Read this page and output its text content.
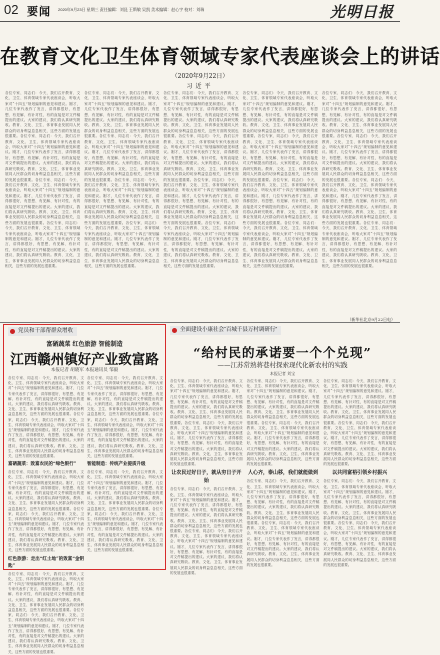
02 要闻 2020年9月23日 星期三 责任编辑：刘昆 王斯敏 吴凯 美术编辑：赵心宇 校对：刘瑞	光明日报
在教育文化卫生体育领域专家代表座谈会上的讲话
（2020年9月22日）
习近平
各位专家、同志们：今天，我们召开教育、文化、卫生、体育领域专家代表座谈会，听取大家对“十四五”规划编制的意见和建议。刚才，几位专家代表作了发言，讲得都很好，有思想、有见解、有针对性，有的直接是对文件稿提出的建议。大家的建议，我们将认真研究吸收。教育、文化、卫生、体育事业发展同人民群众的切身利益息息相关，这些方面的发展也很重要。各位专家、同志们：今天，我们召开教育、文化、卫生、体育领域专家代表座谈会，听取大家对“十四五”规划编制的意见和建议。刚才，几位专家代表作了发言，讲得都很好，有思想、有见解、有针对性，有的直接是对文件稿提出的建议。大家的建议，我们将认真研究吸收。教育、文化、卫生、体育事业发展同人民群众的切身利益息息相关，这些方面的发展也很重要。各位专家、同志们：今天，我们召开教育、文化、卫生、体育领域专家代表座谈会，听取大家对“十四五”规划编制的意见和建议。刚才，几位专家代表作了发言，讲得都很好，有思想、有见解、有针对性，有的直接是对文件稿提出的建议。大家的建议，我们将认真研究吸收。教育、文化、卫生、体育事业发展同人民群众的切身利益息息相关，这些方面的发展也很重要。各位专家、同志们：今天，我们召开教育、文化、卫生、体育领域专家代表座谈会，听取大家对“十四五”规划编制的意见和建议。刚才，几位专家代表作了发言，讲得都很好，有思想、有见解、有针对性，有的直接是对文件稿提出的建议。大家的建议，我们将认真研究吸收。教育、文化、卫生、体育事业发展同人民群众的切身利益息息相关，这些方面的发展也很重要。
各位专家、同志们：今天，我们召开教育、文化、卫生、体育领域专家代表座谈会，听取大家对“十四五”规划编制的意见和建议。刚才，几位专家代表作了发言，讲得都很好，有思想、有见解、有针对性，有的直接是对文件稿提出的建议。大家的建议，我们将认真研究吸收。教育、文化、卫生、体育事业发展同人民群众的切身利益息息相关，这些方面的发展也很重要。各位专家、同志们：今天，我们召开教育、文化、卫生、体育领域专家代表座谈会，听取大家对“十四五”规划编制的意见和建议。刚才，几位专家代表作了发言，讲得都很好，有思想、有见解、有针对性，有的直接是对文件稿提出的建议。大家的建议，我们将认真研究吸收。教育、文化、卫生、体育事业发展同人民群众的切身利益息息相关，这些方面的发展也很重要。各位专家、同志们：今天，我们召开教育、文化、卫生、体育领域专家代表座谈会，听取大家对“十四五”规划编制的意见和建议。刚才，几位专家代表作了发言，讲得都很好，有思想、有见解、有针对性，有的直接是对文件稿提出的建议。大家的建议，我们将认真研究吸收。教育、文化、卫生、体育事业发展同人民群众的切身利益息息相关，这些方面的发展也很重要。各位专家、同志们：今天，我们召开教育、文化、卫生、体育领域专家代表座谈会，听取大家对“十四五”规划编制的意见和建议。刚才，几位专家代表作了发言，讲得都很好，有思想、有见解、有针对性，有的直接是对文件稿提出的建议。大家的建议，我们将认真研究吸收。教育、文化、卫生、体育事业发展同人民群众的切身利益息息相关，这些方面的发展也很重要。
各位专家、同志们：今天，我们召开教育、文化、卫生、体育领域专家代表座谈会，听取大家对“十四五”规划编制的意见和建议。刚才，几位专家代表作了发言，讲得都很好，有思想、有见解、有针对性，有的直接是对文件稿提出的建议。大家的建议，我们将认真研究吸收。教育、文化、卫生、体育事业发展同人民群众的切身利益息息相关，这些方面的发展也很重要。各位专家、同志们：今天，我们召开教育、文化、卫生、体育领域专家代表座谈会，听取大家对“十四五”规划编制的意见和建议。刚才，几位专家代表作了发言，讲得都很好，有思想、有见解、有针对性，有的直接是对文件稿提出的建议。大家的建议，我们将认真研究吸收。教育、文化、卫生、体育事业发展同人民群众的切身利益息息相关，这些方面的发展也很重要。各位专家、同志们：今天，我们召开教育、文化、卫生、体育领域专家代表座谈会，听取大家对“十四五”规划编制的意见和建议。刚才，几位专家代表作了发言，讲得都很好，有思想、有见解、有针对性，有的直接是对文件稿提出的建议。大家的建议，我们将认真研究吸收。教育、文化、卫生、体育事业发展同人民群众的切身利益息息相关，这些方面的发展也很重要。各位专家、同志们：今天，我们召开教育、文化、卫生、体育领域专家代表座谈会，听取大家对“十四五”规划编制的意见和建议。刚才，几位专家代表作了发言，讲得都很好，有思想、有见解、有针对性，有的直接是对文件稿提出的建议。大家的建议，我们将认真研究吸收。教育、文化、卫生、体育事业发展同人民群众的切身利益息息相关，这些方面的发展也很重要。
各位专家、同志们：今天，我们召开教育、文化、卫生、体育领域专家代表座谈会，听取大家对“十四五”规划编制的意见和建议。刚才，几位专家代表作了发言，讲得都很好，有思想、有见解、有针对性，有的直接是对文件稿提出的建议。大家的建议，我们将认真研究吸收。教育、文化、卫生、体育事业发展同人民群众的切身利益息息相关，这些方面的发展也很重要。各位专家、同志们：今天，我们召开教育、文化、卫生、体育领域专家代表座谈会，听取大家对“十四五”规划编制的意见和建议。刚才，几位专家代表作了发言，讲得都很好，有思想、有见解、有针对性，有的直接是对文件稿提出的建议。大家的建议，我们将认真研究吸收。教育、文化、卫生、体育事业发展同人民群众的切身利益息息相关，这些方面的发展也很重要。各位专家、同志们：今天，我们召开教育、文化、卫生、体育领域专家代表座谈会，听取大家对“十四五”规划编制的意见和建议。刚才，几位专家代表作了发言，讲得都很好，有思想、有见解、有针对性，有的直接是对文件稿提出的建议。大家的建议，我们将认真研究吸收。教育、文化、卫生、体育事业发展同人民群众的切身利益息息相关，这些方面的发展也很重要。各位专家、同志们：今天，我们召开教育、文化、卫生、体育领域专家代表座谈会，听取大家对“十四五”规划编制的意见和建议。刚才，几位专家代表作了发言，讲得都很好，有思想、有见解、有针对性，有的直接是对文件稿提出的建议。大家的建议，我们将认真研究吸收。教育、文化、卫生、体育事业发展同人民群众的切身利益息息相关，这些方面的发展也很重要。
各位专家、同志们：今天，我们召开教育、文化、卫生、体育领域专家代表座谈会，听取大家对“十四五”规划编制的意见和建议。刚才，几位专家代表作了发言，讲得都很好，有思想、有见解、有针对性，有的直接是对文件稿提出的建议。大家的建议，我们将认真研究吸收。教育、文化、卫生、体育事业发展同人民群众的切身利益息息相关，这些方面的发展也很重要。各位专家、同志们：今天，我们召开教育、文化、卫生、体育领域专家代表座谈会，听取大家对“十四五”规划编制的意见和建议。刚才，几位专家代表作了发言，讲得都很好，有思想、有见解、有针对性，有的直接是对文件稿提出的建议。大家的建议，我们将认真研究吸收。教育、文化、卫生、体育事业发展同人民群众的切身利益息息相关，这些方面的发展也很重要。各位专家、同志们：今天，我们召开教育、文化、卫生、体育领域专家代表座谈会，听取大家对“十四五”规划编制的意见和建议。刚才，几位专家代表作了发言，讲得都很好，有思想、有见解、有针对性，有的直接是对文件稿提出的建议。大家的建议，我们将认真研究吸收。教育、文化、卫生、体育事业发展同人民群众的切身利益息息相关，这些方面的发展也很重要。各位专家、同志们：今天，我们召开教育、文化、卫生、体育领域专家代表座谈会，听取大家对“十四五”规划编制的意见和建议。刚才，几位专家代表作了发言，讲得都很好，有思想、有见解、有针对性，有的直接是对文件稿提出的建议。大家的建议，我们将认真研究吸收。教育、文化、卫生、体育事业发展同人民群众的切身利益息息相关，这些方面的发展也很重要。
（新华社北京9月22日电）
党员和干部帮群众增收
富硒蔬菜 红色旅游 智能制造
江西赣州镇好产业致富路
本报记者 胡晓军 本报通讯员 邹毅
各位专家、同志们：今天，我们召开教育、文化、卫生、体育领域专家代表座谈会，听取大家对“十四五”规划编制的意见和建议。刚才，几位专家代表作了发言，讲得都很好，有思想、有见解、有针对性，有的直接是对文件稿提出的建议。大家的建议，我们将认真研究吸收。教育、文化、卫生、体育事业发展同人民群众的切身利益息息相关，这些方面的发展也很重要。各位专家、同志们：今天，我们召开教育、文化、卫生、体育领域专家代表座谈会，听取大家对“十四五”规划编制的意见和建议。刚才，几位专家代表作了发言，讲得都很好，有思想、有见解、有针对性，有的直接是对文件稿提出的建议。大家的建议，我们将认真研究吸收。教育、文化、卫生、体育事业发展同人民群众的切身利益息息相关，这些方面的发展也很重要。
富硒蔬菜：致富农民的“绿色银行”
各位专家、同志们：今天，我们召开教育、文化、卫生、体育领域专家代表座谈会，听取大家对“十四五”规划编制的意见和建议。刚才，几位专家代表作了发言，讲得都很好，有思想、有见解、有针对性，有的直接是对文件稿提出的建议。大家的建议，我们将认真研究吸收。教育、文化、卫生、体育事业发展同人民群众的切身利益息息相关，这些方面的发展也很重要。各位专家、同志们：今天，我们召开教育、文化、卫生、体育领域专家代表座谈会，听取大家对“十四五”规划编制的意见和建议。刚才，几位专家代表作了发言，讲得都很好，有思想、有见解、有针对性，有的直接是对文件稿提出的建议。大家的建议，我们将认真研究吸收。教育、文化、卫生、体育事业发展同人民群众的切身利益息息相关，这些方面的发展也很重要。
红色旅游：走出“红土地”的致富“金钥匙”
各位专家、同志们：今天，我们召开教育、文化、卫生、体育领域专家代表座谈会，听取大家对“十四五”规划编制的意见和建议。刚才，几位专家代表作了发言，讲得都很好，有思想、有见解、有针对性，有的直接是对文件稿提出的建议。大家的建议，我们将认真研究吸收。教育、文化、卫生、体育事业发展同人民群众的切身利益息息相关，这些方面的发展也很重要。各位专家、同志们：今天，我们召开教育、文化、卫生、体育领域专家代表座谈会，听取大家对“十四五”规划编制的意见和建议。刚才，几位专家代表作了发言，讲得都很好，有思想、有见解、有针对性，有的直接是对文件稿提出的建议。大家的建议，我们将认真研究吸收。教育、文化、卫生、体育事业发展同人民群众的切身利益息息相关，这些方面的发展也很重要。
各位专家、同志们：今天，我们召开教育、文化、卫生、体育领域专家代表座谈会，听取大家对“十四五”规划编制的意见和建议。刚才，几位专家代表作了发言，讲得都很好，有思想、有见解、有针对性，有的直接是对文件稿提出的建议。大家的建议，我们将认真研究吸收。教育、文化、卫生、体育事业发展同人民群众的切身利益息息相关，这些方面的发展也很重要。各位专家、同志们：今天，我们召开教育、文化、卫生、体育领域专家代表座谈会，听取大家对“十四五”规划编制的意见和建议。刚才，几位专家代表作了发言，讲得都很好，有思想、有见解、有针对性，有的直接是对文件稿提出的建议。大家的建议，我们将认真研究吸收。教育、文化、卫生、体育事业发展同人民群众的切身利益息息相关，这些方面的发展也很重要。
智能制造：传统产业提质升级
各位专家、同志们：今天，我们召开教育、文化、卫生、体育领域专家代表座谈会，听取大家对“十四五”规划编制的意见和建议。刚才，几位专家代表作了发言，讲得都很好，有思想、有见解、有针对性，有的直接是对文件稿提出的建议。大家的建议，我们将认真研究吸收。教育、文化、卫生、体育事业发展同人民群众的切身利益息息相关，这些方面的发展也很重要。各位专家、同志们：今天，我们召开教育、文化、卫生、体育领域专家代表座谈会，听取大家对“十四五”规划编制的意见和建议。刚才，几位专家代表作了发言，讲得都很好，有思想、有见解、有针对性，有的直接是对文件稿提出的建议。大家的建议，我们将认真研究吸收。教育、文化、卫生、体育事业发展同人民群众的切身利益息息相关，这些方面的发展也很重要。
全面建设小康社会“百城千县万村调研行”
“给村民的承诺要一个个兑现”
——江苏常熟蒋巷村探索现代化新农村的实践
本报记者 刘宝
各位专家、同志们：今天，我们召开教育、文化、卫生、体育领域专家代表座谈会，听取大家对“十四五”规划编制的意见和建议。刚才，几位专家代表作了发言，讲得都很好，有思想、有见解、有针对性，有的直接是对文件稿提出的建议。大家的建议，我们将认真研究吸收。教育、文化、卫生、体育事业发展同人民群众的切身利益息息相关，这些方面的发展也很重要。各位专家、同志们：今天，我们召开教育、文化、卫生、体育领域专家代表座谈会，听取大家对“十四五”规划编制的意见和建议。刚才，几位专家代表作了发言，讲得都很好，有思想、有见解、有针对性，有的直接是对文件稿提出的建议。大家的建议，我们将认真研究吸收。教育、文化、卫生、体育事业发展同人民群众的切身利益息息相关，这些方面的发展也很重要。
让农民过好日子，就从穷日子开始
各位专家、同志们：今天，我们召开教育、文化、卫生、体育领域专家代表座谈会，听取大家对“十四五”规划编制的意见和建议。刚才，几位专家代表作了发言，讲得都很好，有思想、有见解、有针对性，有的直接是对文件稿提出的建议。大家的建议，我们将认真研究吸收。教育、文化、卫生、体育事业发展同人民群众的切身利益息息相关，这些方面的发展也很重要。各位专家、同志们：今天，我们召开教育、文化、卫生、体育领域专家代表座谈会，听取大家对“十四五”规划编制的意见和建议。刚才，几位专家代表作了发言，讲得都很好，有思想、有见解、有针对性，有的直接是对文件稿提出的建议。大家的建议，我们将认真研究吸收。教育、文化、卫生、体育事业发展同人民群众的切身利益息息相关，这些方面的发展也很重要。
各位专家、同志们：今天，我们召开教育、文化、卫生、体育领域专家代表座谈会，听取大家对“十四五”规划编制的意见和建议。刚才，几位专家代表作了发言，讲得都很好，有思想、有见解、有针对性，有的直接是对文件稿提出的建议。大家的建议，我们将认真研究吸收。教育、文化、卫生、体育事业发展同人民群众的切身利益息息相关，这些方面的发展也很重要。各位专家、同志们：今天，我们召开教育、文化、卫生、体育领域专家代表座谈会，听取大家对“十四五”规划编制的意见和建议。刚才，几位专家代表作了发言，讲得都很好，有思想、有见解、有针对性，有的直接是对文件稿提出的建议。大家的建议，我们将认真研究吸收。教育、文化、卫生、体育事业发展同人民群众的切身利益息息相关，这些方面的发展也很重要。
人心齐，泰山移，我们就能做到
各位专家、同志们：今天，我们召开教育、文化、卫生、体育领域专家代表座谈会，听取大家对“十四五”规划编制的意见和建议。刚才，几位专家代表作了发言，讲得都很好，有思想、有见解、有针对性，有的直接是对文件稿提出的建议。大家的建议，我们将认真研究吸收。教育、文化、卫生、体育事业发展同人民群众的切身利益息息相关，这些方面的发展也很重要。各位专家、同志们：今天，我们召开教育、文化、卫生、体育领域专家代表座谈会，听取大家对“十四五”规划编制的意见和建议。刚才，几位专家代表作了发言，讲得都很好，有思想、有见解、有针对性，有的直接是对文件稿提出的建议。大家的建议，我们将认真研究吸收。教育、文化、卫生、体育事业发展同人民群众的切身利益息息相关，这些方面的发展也很重要。
各位专家、同志们：今天，我们召开教育、文化、卫生、体育领域专家代表座谈会，听取大家对“十四五”规划编制的意见和建议。刚才，几位专家代表作了发言，讲得都很好，有思想、有见解、有针对性，有的直接是对文件稿提出的建议。大家的建议，我们将认真研究吸收。教育、文化、卫生、体育事业发展同人民群众的切身利益息息相关，这些方面的发展也很重要。各位专家、同志们：今天，我们召开教育、文化、卫生、体育领域专家代表座谈会，听取大家对“十四五”规划编制的意见和建议。刚才，几位专家代表作了发言，讲得都很好，有思想、有见解、有针对性，有的直接是对文件稿提出的建议。大家的建议，我们将认真研究吸收。教育、文化、卫生、体育事业发展同人民群众的切身利益息息相关，这些方面的发展也很重要。
以共同富裕引领乡村振兴
各位专家、同志们：今天，我们召开教育、文化、卫生、体育领域专家代表座谈会，听取大家对“十四五”规划编制的意见和建议。刚才，几位专家代表作了发言，讲得都很好，有思想、有见解、有针对性，有的直接是对文件稿提出的建议。大家的建议，我们将认真研究吸收。教育、文化、卫生、体育事业发展同人民群众的切身利益息息相关，这些方面的发展也很重要。各位专家、同志们：今天，我们召开教育、文化、卫生、体育领域专家代表座谈会，听取大家对“十四五”规划编制的意见和建议。刚才，几位专家代表作了发言，讲得都很好，有思想、有见解、有针对性，有的直接是对文件稿提出的建议。大家的建议，我们将认真研究吸收。教育、文化、卫生、体育事业发展同人民群众的切身利益息息相关，这些方面的发展也很重要。
